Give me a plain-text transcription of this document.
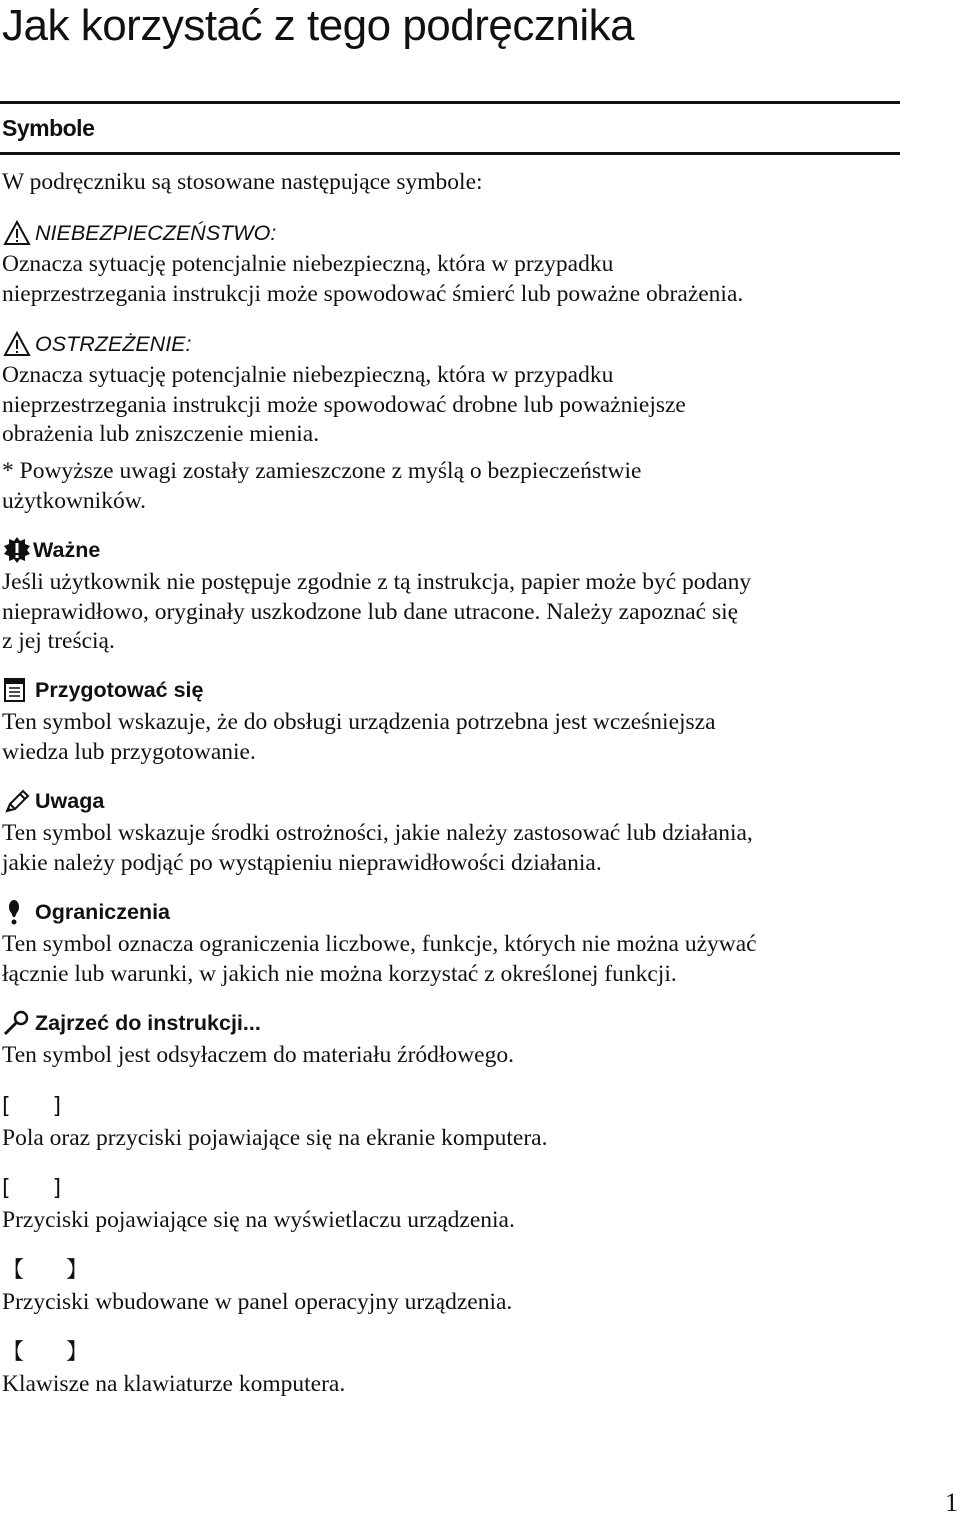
Jak korzystać z tego podręcznika
Symbole

W podręczniku są stosowane następujące symbole:

NIEBEZPIECZEŃSTWO:

Oznacza sytuację potencjalnie niebezpieczną, która w przypadku

nieprzestrzegania instrukcji może spowodować śmierć lub poważne obrażenia.

OSTRZEŻENIE:

Oznacza sytuację potencjalnie niebezpieczną, która w przypadku

nieprzestrzegania instrukcji może spowodować drobne lub poważniejsze

obrażenia lub zniszczenie mienia.

* Powyższe uwagi zostały zamieszczone z myślą o bezpieczeństwie

użytkowników.

Ważne

Jeśli użytkownik nie postępuje zgodnie z tą instrukcja, papier może być podany

nieprawidłowo, oryginały uszkodzone lub dane utracone. Należy zapoznać się

z jej treścią.

Przygotować się

Ten symbol wskazuje, że do obsługi urządzenia potrzebna jest wcześniejsza

wiedza lub przygotowanie.

Uwaga

Ten symbol wskazuje środki ostrożności, jakie należy zastosować lub działania,

jakie należy podjąć po wystąpieniu nieprawidłowości działania.

Ograniczenia

Ten symbol oznacza ograniczenia liczbowe, funkcje, których nie można używać

łącznie lub warunki, w jakich nie można korzystać z określonej funkcji.

Zajrzeć do instrukcji...

Ten symbol jest odsyłaczem do materiału źródłowego.

[      ]

Pola oraz przyciski pojawiające się na ekranie komputera.

[      ]

Przyciski pojawiające się na wyświetlaczu urządzenia.

【      】

Przyciski wbudowane w panel operacyjny urządzenia.

【      】

Klawisze na klawiaturze komputera.

1
